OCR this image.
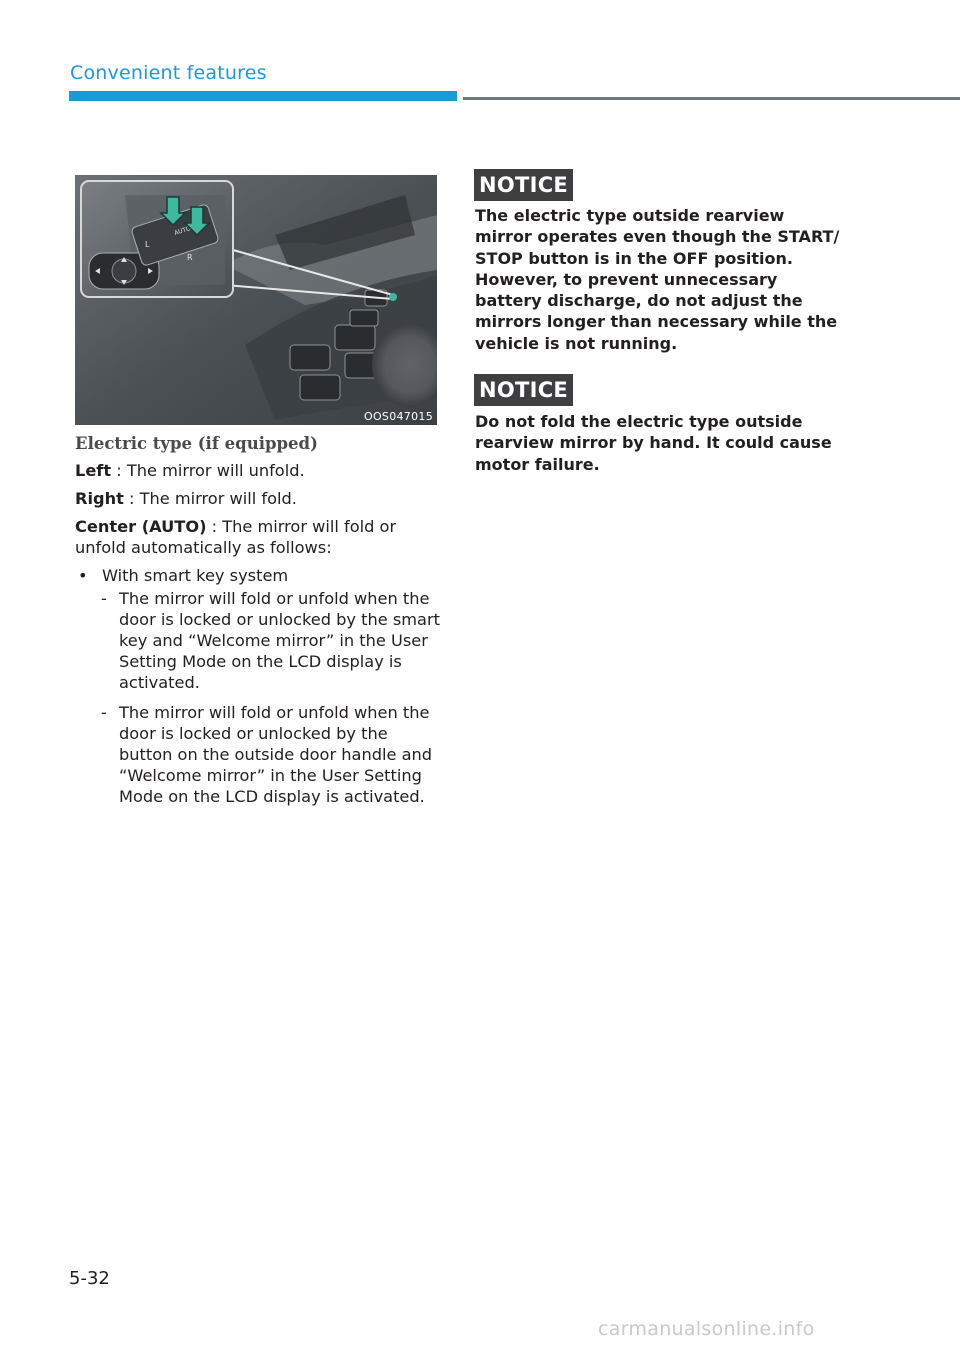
Convenient features
L
R
AUTO
OOS047015
Electric type (if equipped)

Left : The mirror will unfold.

Right : The mirror will fold.

Center (AUTO) : The mirror will fold or unfold automatically as follows:

• With smart key system
- The mirror will fold or unfold when the door is locked or unlocked by the smart key and “Welcome mirror” in the User Setting Mode on the LCD display is activated.
- The mirror will fold or unfold when the door is locked or unlocked by the button on the outside door handle and “Welcome mirror” in the User Setting Mode on the LCD display is activated.
NOTICE
The electric type outside rearview mirror operates even though the START/ STOP button is in the OFF position. However, to prevent unnecessary battery discharge, do not adjust the mirrors longer than necessary while the vehicle is not running.
NOTICE
Do not fold the electric type outside rearview mirror by hand. It could cause motor failure.
5-32
carmanualsonline.info
